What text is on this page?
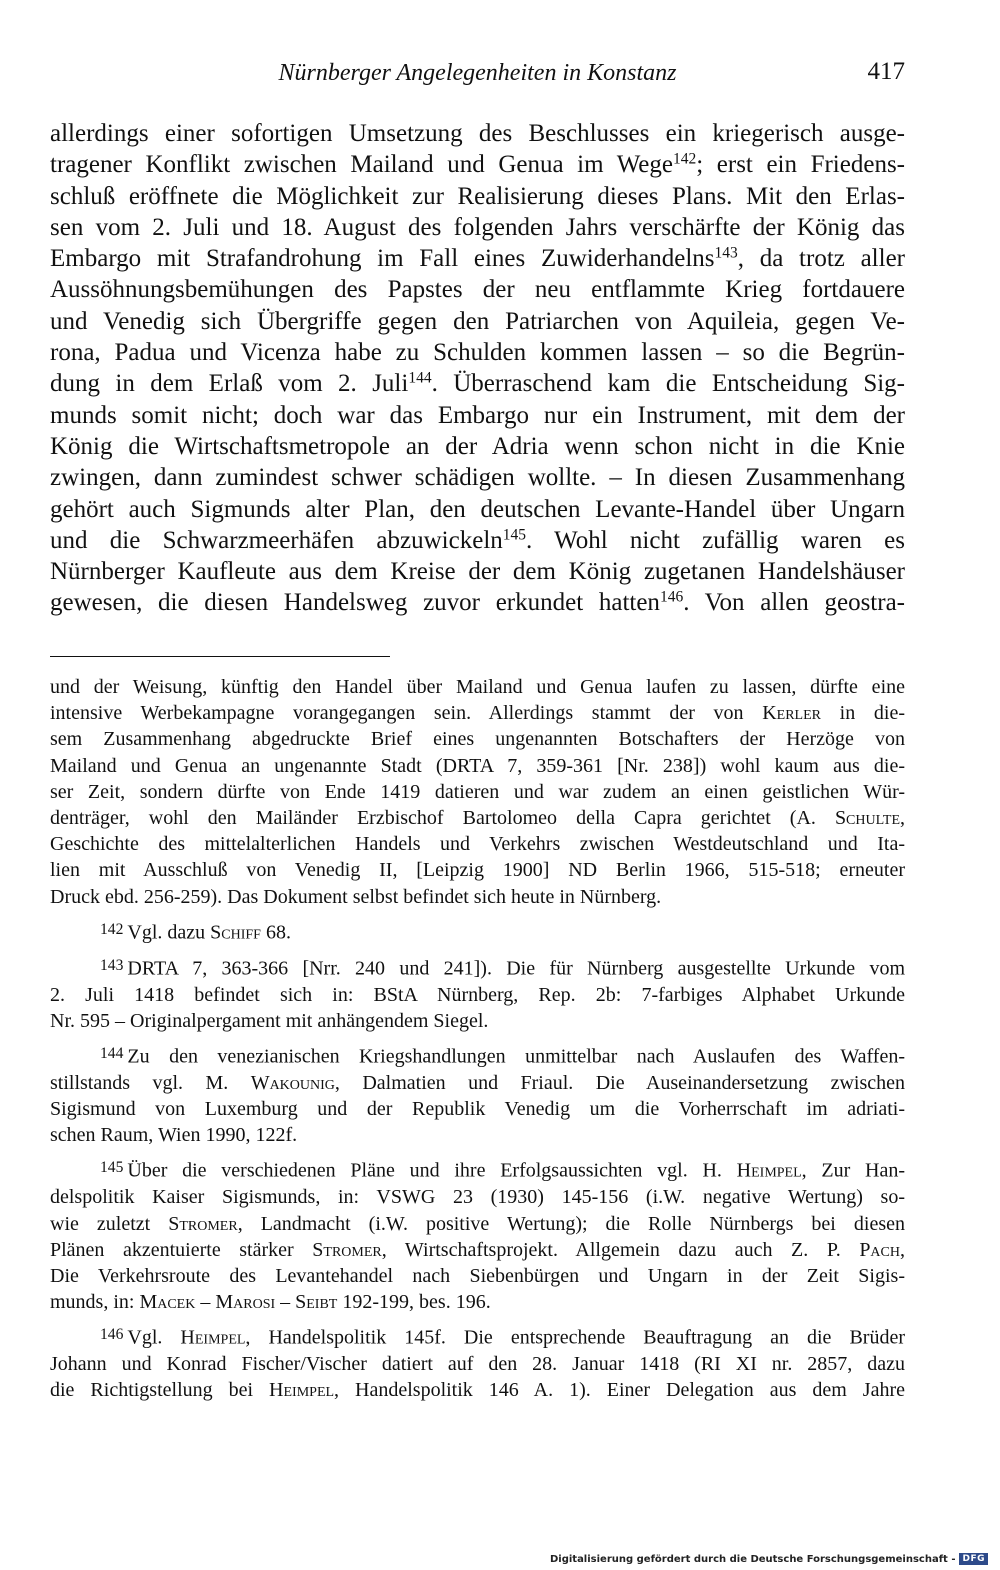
Nürnberger Angelegenheiten in Konstanz	417
allerdings einer sofortigen Umsetzung des Beschlusses ein kriegerisch ausge-
tragener Konflikt zwischen Mailand und Genua im Wege$^{142}$; erst ein Friedens-
schluß eröffnete die Möglichkeit zur Realisierung dieses Plans. Mit den Erlas-
sen vom 2. Juli und 18. August des folgenden Jahrs verschärfte der König das
Embargo mit Strafandrohung im Fall eines Zuwiderhandelns$^{143}$, da trotz aller
Aussöhnungsbemühungen des Papstes der neu entflammte Krieg fortdauere
und Venedig sich Übergriffe gegen den Patriarchen von Aquileia, gegen Ve-
rona, Padua und Vicenza habe zu Schulden kommen lassen – so die Begrün-
dung in dem Erlaß vom 2. Juli$^{144}$. Überraschend kam die Entscheidung Sig-
munds somit nicht; doch war das Embargo nur ein Instrument, mit dem der
König die Wirtschaftsmetropole an der Adria wenn schon nicht in die Knie
zwingen, dann zumindest schwer schädigen wollte. – In diesen Zusammenhang
gehört auch Sigmunds alter Plan, den deutschen Levante-Handel über Ungarn
und die Schwarzmeerhäfen abzuwickeln$^{145}$. Wohl nicht zufällig waren es
Nürnberger Kaufleute aus dem Kreise der dem König zugetanen Handelshäuser
gewesen, die diesen Handelsweg zuvor erkundet hatten$^{146}$. Von allen geostra-
und der Weisung, künftig den Handel über Mailand und Genua laufen zu lassen, dürfte eine
intensive Werbekampagne vorangegangen sein. Allerdings stammt der von Kerler in die-
sem Zusammenhang abgedruckte Brief eines ungenannten Botschafters der Herzöge von
Mailand und Genua an ungenannte Stadt (DRTA 7, 359-361 [Nr. 238]) wohl kaum aus die-
ser Zeit, sondern dürfte von Ende 1419 datieren und war zudem an einen geistlichen Wür-
denträger, wohl den Mailänder Erzbischof Bartolomeo della Capra gerichtet (A. Schulte,
Geschichte des mittelalterlichen Handels und Verkehrs zwischen Westdeutschland und Ita-
lien mit Ausschluß von Venedig II, [Leipzig 1900] ND Berlin 1966, 515-518; erneuter
Druck ebd. 256-259). Das Dokument selbst befindet sich heute in Nürnberg.
$^{142}$ Vgl. dazu Schiff 68.
$^{143}$ DRTA 7, 363-366 [Nrr. 240 und 241]). Die für Nürnberg ausgestellte Urkunde vom
2. Juli 1418 befindet sich in: BStA Nürnberg, Rep. 2b: 7-farbiges Alphabet Urkunde
Nr. 595 – Originalpergament mit anhängendem Siegel.
$^{144}$ Zu den venezianischen Kriegshandlungen unmittelbar nach Auslaufen des Waffen-
stillstands vgl. M. Wakounig, Dalmatien und Friaul. Die Auseinandersetzung zwischen
Sigismund von Luxemburg und der Republik Venedig um die Vorherrschaft im adriati-
schen Raum, Wien 1990, 122f.
$^{145}$ Über die verschiedenen Pläne und ihre Erfolgsaussichten vgl. H. Heimpel, Zur Han-
delspolitik Kaiser Sigismunds, in: VSWG 23 (1930) 145-156 (i.W. negative Wertung) so-
wie zuletzt Stromer, Landmacht (i.W. positive Wertung); die Rolle Nürnbergs bei diesen
Plänen akzentuierte stärker Stromer, Wirtschaftsprojekt. Allgemein dazu auch Z. P. Pach,
Die Verkehrsroute des Levantehandel nach Siebenbürgen und Ungarn in der Zeit Sigis-
munds, in: Macek – Marosi – Seibt 192-199, bes. 196.
$^{146}$ Vgl. Heimpel, Handelspolitik 145f. Die entsprechende Beauftragung an die Brüder
Johann und Konrad Fischer/Vischer datiert auf den 28. Januar 1418 (RI XI nr. 2857, dazu
die Richtigstellung bei Heimpel, Handelspolitik 146 A. 1). Einer Delegation aus dem Jahre
Digitalisierung gefördert durch die Deutsche Forschungsgemeinschaft - DFG
